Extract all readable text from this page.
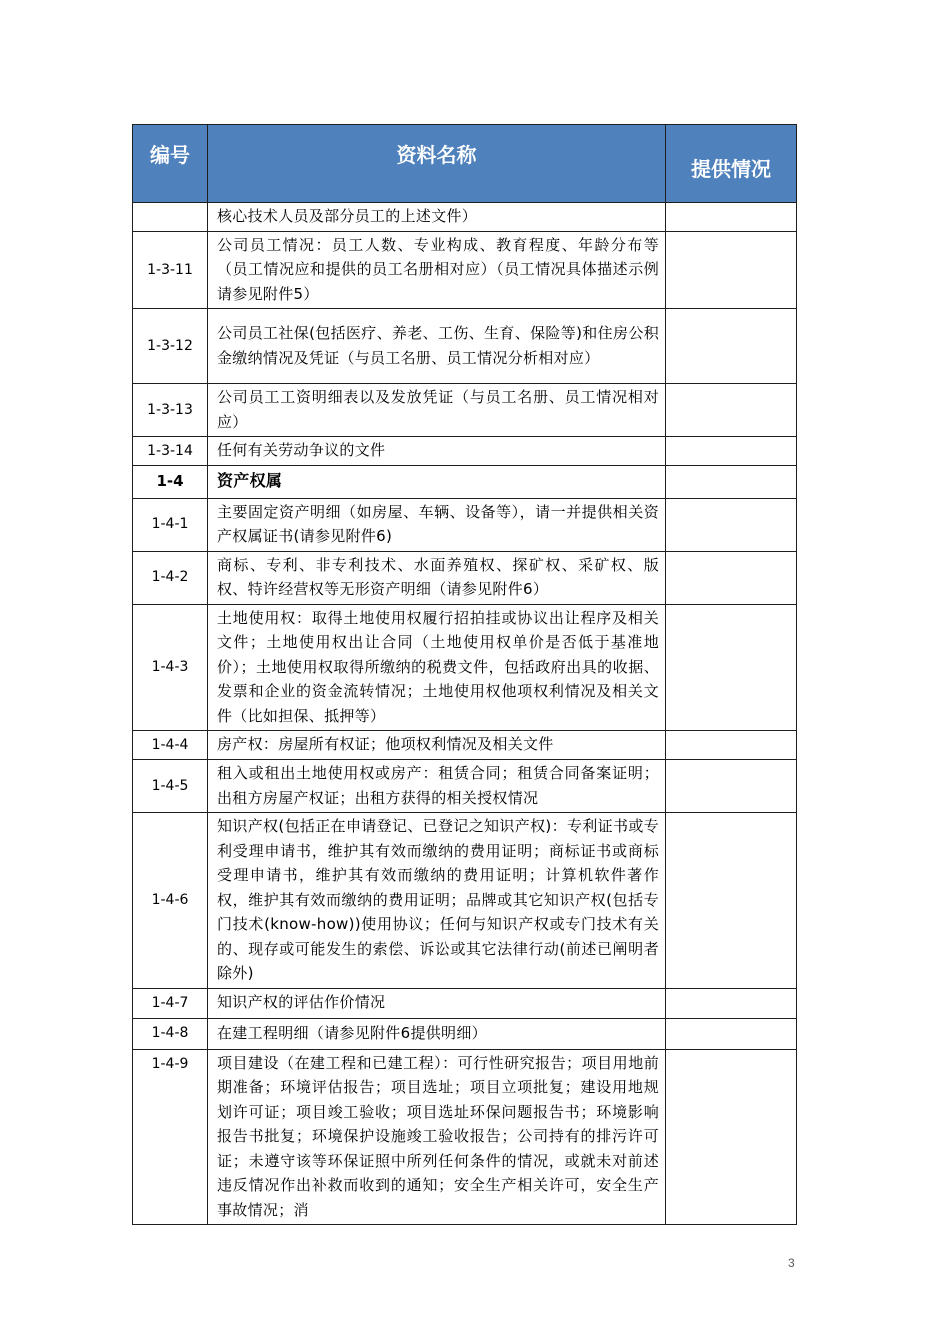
编号	资料名称	提供情况
	核心技术人员及部分员工的上述文件）	
1-3-11	公司员工情况：员工人数、专业构成、教育程度、年龄分布等（员工情况应和提供的员工名册相对应）（员工情况具体描述示例请参见附件5）	
1-3-12	公司员工社保(包括医疗、养老、工伤、生育、保险等)和住房公积金缴纳情况及凭证（与员工名册、员工情况分析相对应）	
1-3-13	公司员工工资明细表以及发放凭证（与员工名册、员工情况相对应）	
1-3-14	任何有关劳动争议的文件	
1-4	资产权属	
1-4-1	主要固定资产明细（如房屋、车辆、设备等），请一并提供相关资产权属证书(请参见附件6)	
1-4-2	商标、专利、非专利技术、水面养殖权、探矿权、采矿权、版权、特许经营权等无形资产明细（请参见附件6）	
1-4-3	土地使用权：取得土地使用权履行招拍挂或协议出让程序及相关文件；土地使用权出让合同（土地使用权单价是否低于基准地价）；土地使用权取得所缴纳的税费文件，包括政府出具的收据、发票和企业的资金流转情况；土地使用权他项权利情况及相关文件（比如担保、抵押等）	
1-4-4	房产权：房屋所有权证；他项权利情况及相关文件	
1-4-5	租入或租出土地使用权或房产：租赁合同；租赁合同备案证明；出租方房屋产权证；出租方获得的相关授权情况	
1-4-6	知识产权(包括正在申请登记、已登记之知识产权)：专利证书或专利受理申请书，维护其有效而缴纳的费用证明；商标证书或商标受理申请书，维护其有效而缴纳的费用证明；计算机软件著作权，维护其有效而缴纳的费用证明；品牌或其它知识产权(包括专门技术(know-how))使用协议；任何与知识产权或专门技术有关的、现存或可能发生的索偿、诉讼或其它法律行动(前述已阐明者除外)	
1-4-7	知识产权的评估作价情况	
1-4-8	在建工程明细（请参见附件6提供明细）	
1-4-9	项目建设（在建工程和已建工程）：可行性研究报告；项目用地前期准备；环境评估报告；项目选址；项目立项批复；建设用地规划许可证；项目竣工验收；项目选址环保问题报告书；环境影响报告书批复；环境保护设施竣工验收报告；公司持有的排污许可证；未遵守该等环保证照中所列任何条件的情况，或就未对前述违反情况作出补救而收到的通知；安全生产相关许可，安全生产事故情况；消	
3
